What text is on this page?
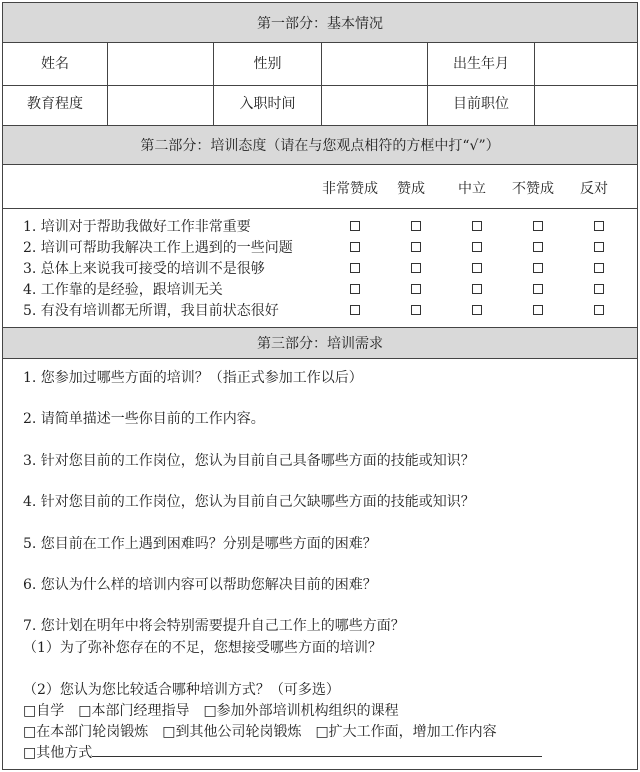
第一部分：基本情况
姓名	性别	出生年月
教育程度	入职时间	目前职位
第二部分：培训态度（请在与您观点相符的方框中打“√”）
非常赞成	赞成	中立	不赞成	反对
1. 培训对于帮助我做好工作非常重要
2. 培训可帮助我解决工作上遇到的一些问题
3. 总体上来说我可接受的培训不是很够
4. 工作靠的是经验，跟培训无关
5. 有没有培训都无所谓，我目前状态很好
第三部分：培训需求
1. 您参加过哪些方面的培训？（指正式参加工作以后）
2. 请简单描述一些你目前的工作内容。
3. 针对您目前的工作岗位，您认为目前自己具备哪些方面的技能或知识？
4. 针对您目前的工作岗位，您认为目前自己欠缺哪些方面的技能或知识？
5. 您目前在工作上遇到困难吗？分别是哪些方面的困难？
6. 您认为什么样的培训内容可以帮助您解决目前的困难？
7. 您计划在明年中将会特别需要提升自己工作上的哪些方面？
（1）为了弥补您存在的不足，您想接受哪些方面的培训？
（2）您认为您比较适合哪种培训方式？（可多选）
□自学　□本部门经理指导　□参加外部培训机构组织的课程
□在本部门轮岗锻炼　□到其他公司轮岗锻炼　□扩大工作面，增加工作内容
□其他方式
